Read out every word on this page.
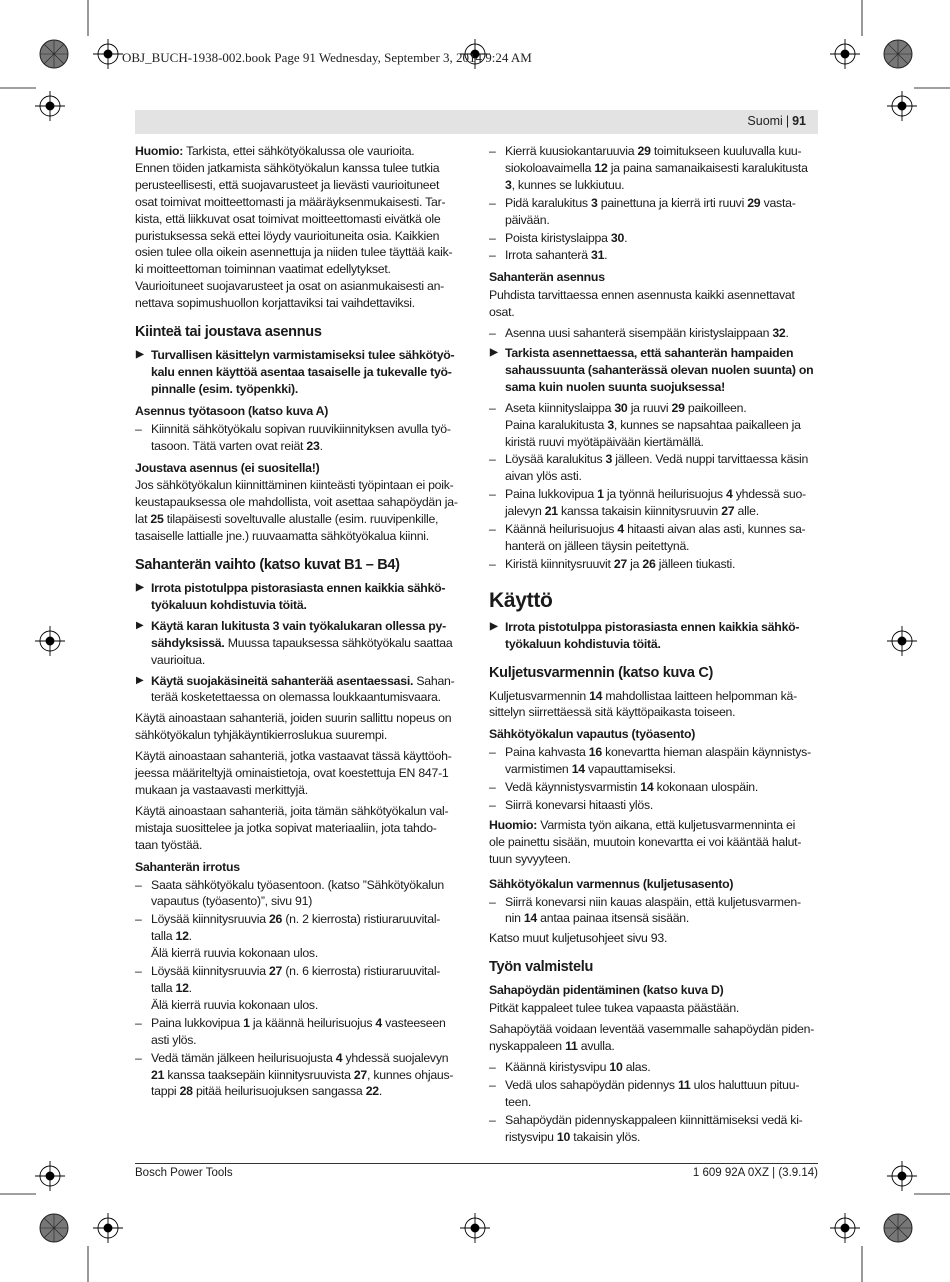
OBJ_BUCH-1938-002.book Page 91 Wednesday, September 3, 2014 9:24 AM
Suomi | 91

Huomio: Tarkista, ettei sähkötyökalussa ole vaurioita.
Ennen töiden jatkamista sähkötyökalun kanssa tulee tutkia
perusteellisesti, että suojavarusteet ja lievästi vaurioituneet
osat toimivat moitteettomasti ja määräyksenmukaisesti. Tar-
kista, että liikkuvat osat toimivat moitteettomasti eivätkä ole
puristuksessa sekä ettei löydy vaurioituneita osia. Kaikkien
osien tulee olla oikein asennettuja ja niiden tulee täyttää kaik-
ki moitteettoman toiminnan vaatimat edellytykset.
Vaurioituneet suojavarusteet ja osat on asianmukaisesti an-
nettava sopimushuollon korjattaviksi tai vaihdettaviksi.

Kiinteä tai joustava asennus
▶ Turvallisen käsittelyn varmistamiseksi tulee sähkötyö-
kalu ennen käyttöä asentaa tasaiselle ja tukevalle työ-
pinnalle (esim. työpenkki).
Asennus työtasoon (katso kuva A)
– Kiinnitä sähkötyökalu sopivan ruuvikiinnityksen avulla työ-
tasoon. Tätä varten ovat reiät 23.
Joustava asennus (ei suositella!)

Jos sähkötyökalun kiinnittäminen kiinteästi työpintaan ei poik-
keustapauksessa ole mahdollista, voit asettaa sahapöydän ja-
lat 25 tilapäisesti soveltuvalle alustalle (esim. ruuvipenkille,
tasaiselle lattialle jne.) ruuvaamatta sähkötyökalua kiinni.

Sahanterän vaihto (katso kuvat B1 – B4)
▶ Irrota pistotulppa pistorasiasta ennen kaikkia sähkö-
työkaluun kohdistuvia töitä.
▶ Käytä karan lukitusta 3 vain työkalukaran ollessa py-
sähdyksissä. Muussa tapauksessa sähkötyökalu saattaa
vaurioitua.
▶ Käytä suojakäsineitä sahanterää asentaessasi. Sahan-
terää kosketettaessa on olemassa loukkaantumisvaara.

Käytä ainoastaan sahanteriä, joiden suurin sallittu nopeus on
sähkötyökalun tyhjäkäyntikierroslukua suurempi.

Käytä ainoastaan sahanteriä, jotka vastaavat tässä käyttöoh-
jeessa määriteltyjä ominaistietoja, ovat koestettuja EN 847-1
mukaan ja vastaavasti merkittyjä.

Käytä ainoastaan sahanteriä, joita tämän sähkötyökalun val-
mistaja suosittelee ja jotka sopivat materiaaliin, jota tahdo-
taan työstää.

Sahanterän irrotus
– Saata sähkötyökalu työasentoon. (katso ”Sähkötyökalun
vapautus (työasento)”, sivu 91)
– Löysää kiinnitysruuvia 26 (n. 2 kierrosta) ristiuraruuvital-
talla 12.
Älä kierrä ruuvia kokonaan ulos.
– Löysää kiinnitysruuvia 27 (n. 6 kierrosta) ristiuraruuvital-
talla 12.
Älä kierrä ruuvia kokonaan ulos.
– Paina lukkovipua 1 ja käännä heilurisuojus 4 vasteeseen
asti ylös.
– Vedä tämän jälkeen heilurisuojusta 4 yhdessä suojalevyn
21 kanssa taaksepäin kiinnitysruuvista 27, kunnes ohjaus-
tappi 28 pitää heilurisuojuksen sangassa 22.
– Kierrä kuusiokantaruuvia 29 toimitukseen kuuluvalla kuu-
siokoloavaimella 12 ja paina samanaikaisesti karalukitusta
3, kunnes se lukkiutuu.
– Pidä karalukitus 3 painettuna ja kierrä irti ruuvi 29 vasta-
päivään.
– Poista kiristyslaippa 30.
– Irrota sahanterä 31.
Sahanterän asennus

Puhdista tarvittaessa ennen asennusta kaikki asennettavat
osat.

– Asenna uusi sahanterä sisempään kiristyslaippaan 32.
▶ Tarkista asennettaessa, että sahanterän hampaiden
sahaussuunta (sahanterässä olevan nuolen suunta) on
sama kuin nuolen suunta suojuksessa!
– Aseta kiinnityslaippa 30 ja ruuvi 29 paikoilleen.
Paina karalukitusta 3, kunnes se napsahtaa paikalleen ja
kiristä ruuvi myötäpäivään kiertämällä.
– Löysää karalukitus 3 jälleen. Vedä nuppi tarvittaessa käsin
aivan ylös asti.
– Paina lukkovipua 1 ja työnnä heilurisuojus 4 yhdessä suo-
jalevyn 21 kanssa takaisin kiinnitysruuvin 27 alle.
– Käännä heilurisuojus 4 hitaasti aivan alas asti, kunnes sa-
hanterä on jälleen täysin peitettynä.
– Kiristä kiinnitysruuvit 27 ja 26 jälleen tiukasti.
Käyttö
▶ Irrota pistotulppa pistorasiasta ennen kaikkia sähkö-
työkaluun kohdistuvia töitä.
Kuljetusvarmennin (katso kuva C)

Kuljetusvarmennin 14 mahdollistaa laitteen helpomman kä-
sittelyn siirrettäessä sitä käyttöpaikasta toiseen.

Sähkötyökalun vapautus (työasento)
– Paina kahvasta 16 konevartta hieman alaspäin käynnistys-
varmistimen 14 vapauttamiseksi.
– Vedä käynnistysvarmistin 14 kokonaan ulospäin.
– Siirrä konevarsi hitaasti ylös.

Huomio: Varmista työn aikana, että kuljetusvarmenninta ei
ole painettu sisään, muutoin konevartta ei voi kääntää halut-
tuun syvyyteen.

Sähkötyökalun varmennus (kuljetusasento)
– Siirrä konevarsi niin kauas alaspäin, että kuljetusvarmen-
nin 14 antaa painaa itsensä sisään.

Katso muut kuljetusohjeet sivu 93.

Työn valmistelu
Sahapöydän pidentäminen (katso kuva D)

Pitkät kappaleet tulee tukea vapaasta päästään.

Sahapöytää voidaan leventää vasemmalle sahapöydän piden-
nyskappaleen 11 avulla.

– Käännä kiristysvipu 10 alas.
– Vedä ulos sahapöydän pidennys 11 ulos haluttuun pituu-
teen.
– Sahapöydän pidennyskappaleen kiinnittämiseksi vedä ki-
ristysvipu 10 takaisin ylös.
Bosch Power Tools	1 609 92A 0XZ | (3.9.14)
